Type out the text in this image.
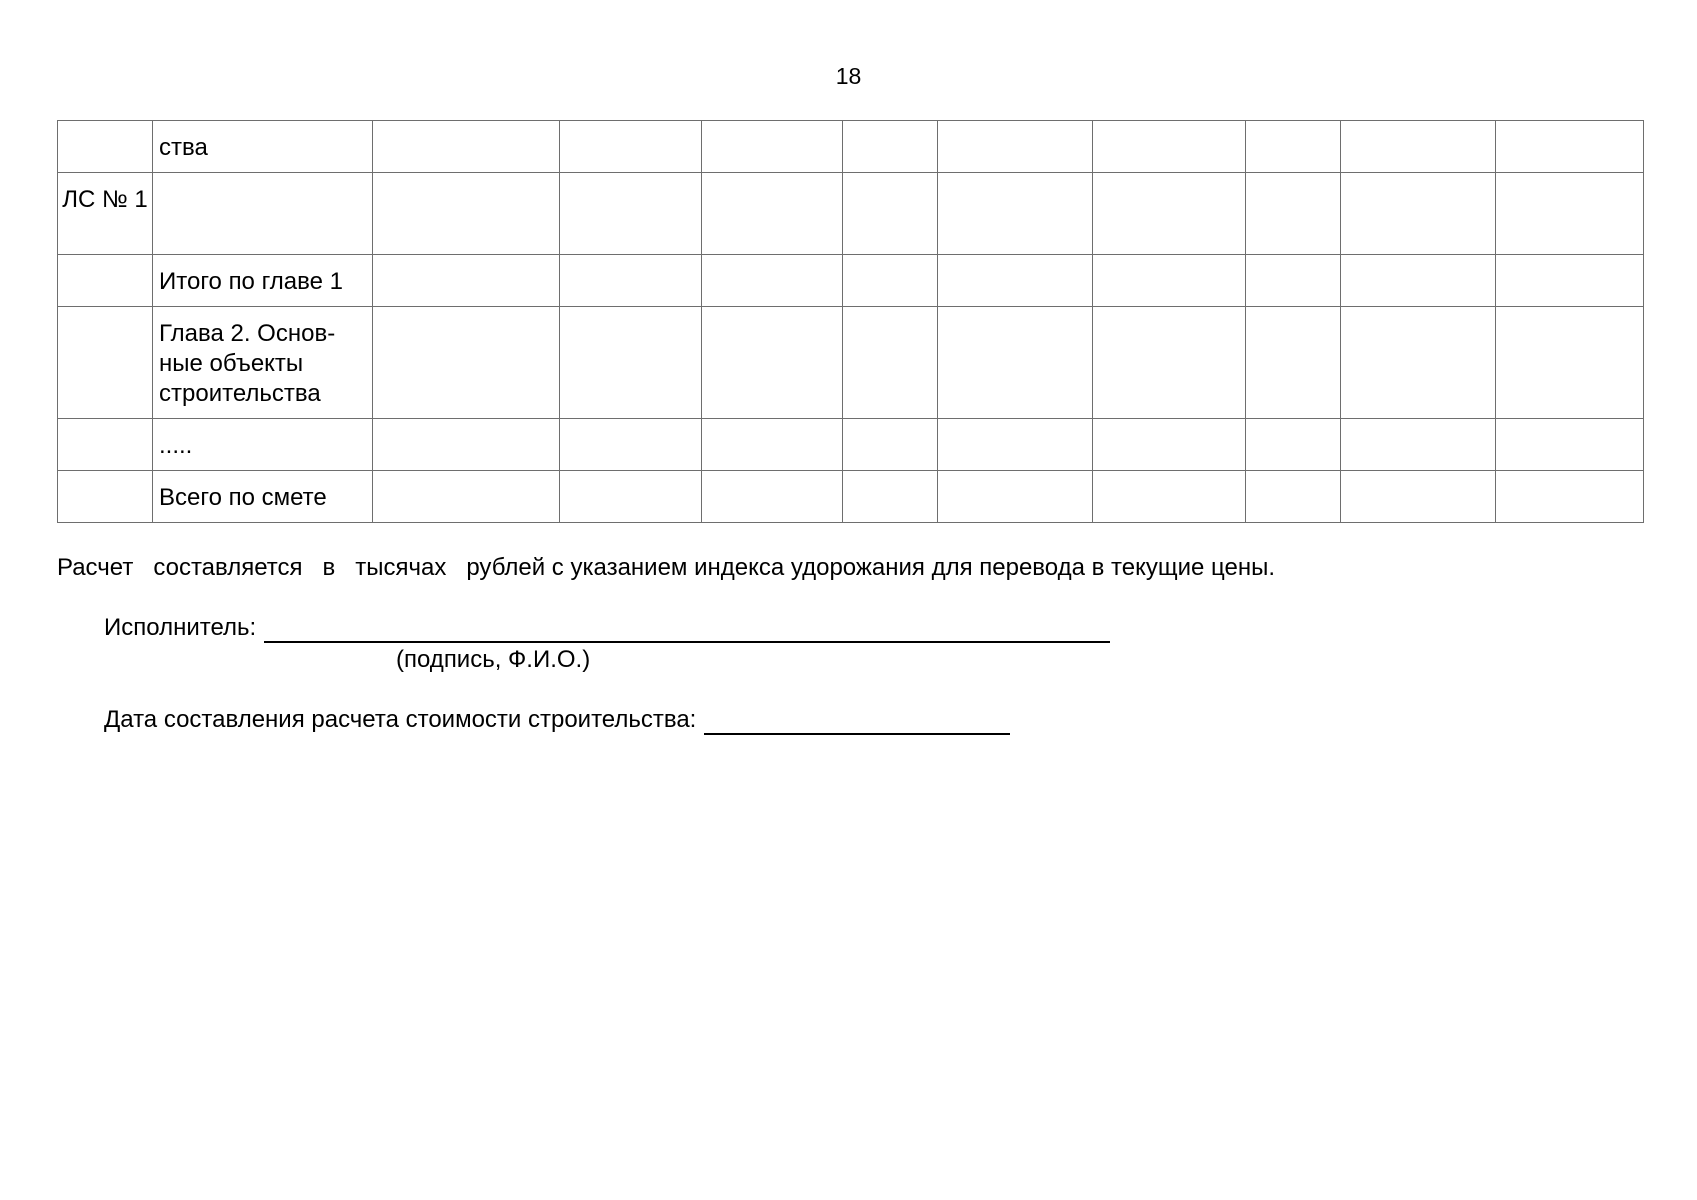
18
	ства									
ЛС № 1										
	Итого по главе 1									
	Глава 2. Основ-ные объекты строительства									
	.....									
	Всего по смете									
Расчет   составляется   в   тысячах   рублей с указанием индекса удорожания для перевода в текущие цены.
Исполнитель:
(подпись, Ф.И.О.)
Дата составления расчета стоимости строительства:
